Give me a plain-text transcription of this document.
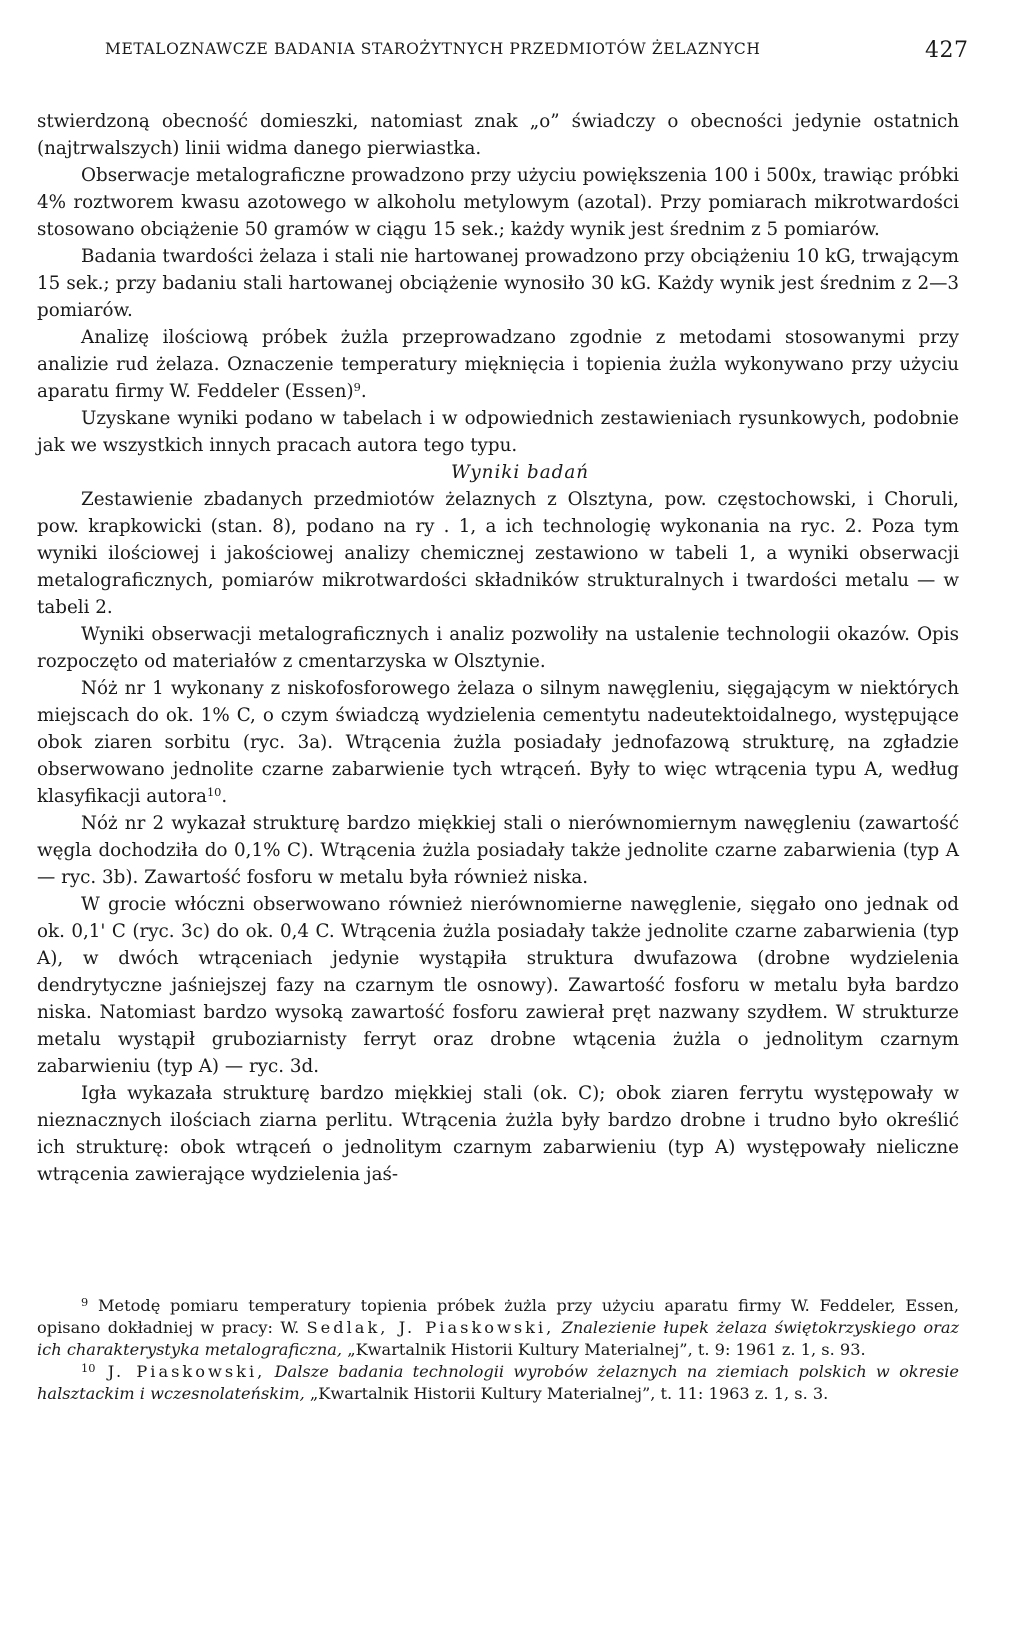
METALOZNAWCZE BADANIA STAROŻYTNYCH PRZEDMIOTÓW ŻELAZNYCH	427

stwierdzoną obecność domieszki, natomiast znak „o” świadczy o obecności jedynie ostatnich (najtrwalszych) linii widma danego pierwiastka.

Obserwacje metalograficzne prowadzono przy użyciu powiększenia 100 i 500x, trawiąc próbki 4% roztworem kwasu azotowego w alkoholu metylowym (azotal). Przy pomiarach mikrotwardości stosowano obciążenie 50 gramów w ciągu 15 sek.; każdy wynik jest średnim z 5 pomiarów.

Badania twardości żelaza i stali nie hartowanej prowadzono przy obciążeniu 10 kG, trwającym 15 sek.; przy badaniu stali hartowanej obciążenie wynosiło 30 kG. Każdy wynik jest średnim z 2—3 pomiarów.

Analizę ilościową próbek żużla przeprowadzano zgodnie z metodami stosowanymi przy analizie rud żelaza. Oznaczenie temperatury mięknięcia i topienia żużla wykonywano przy użyciu aparatu firmy W. Feddeler (Essen)$^9$.

Uzyskane wyniki podano w tabelach i w odpowiednich zestawieniach rysunkowych, podobnie jak we wszystkich innych pracach autora tego typu.

Wyniki badań

Zestawienie zbadanych przedmiotów żelaznych z Olsztyna, pow. częstochowski, i Choruli, pow. krapkowicki (stan. 8), podano na ry . 1, a ich technologię wykonania na ryc. 2. Poza tym wyniki ilościowej i jakościowej analizy chemicznej zestawiono w tabeli 1, a wyniki obserwacji metalograficznych, pomiarów mikrotwardości składników strukturalnych i twardości metalu — w tabeli 2.

Wyniki obserwacji metalograficznych i analiz pozwoliły na ustalenie technologii okazów. Opis rozpoczęto od materiałów z cmentarzyska w Olsztynie.

Nóż nr 1 wykonany z niskofosforowego żelaza o silnym nawęgleniu, sięgającym w niektórych miejscach do ok. 1% C, o czym świadczą wydzielenia cementytu nadeutektoidalnego, występujące obok ziaren sorbitu (ryc. 3a). Wtrącenia żużla posiadały jednofazową strukturę, na zgładzie obserwowano jednolite czarne zabarwienie tych wtrąceń. Były to więc wtrącenia typu A, według klasyfikacji autora$^{10}$.

Nóż nr 2 wykazał strukturę bardzo miękkiej stali o nierównomiernym nawęgleniu (zawartość węgla dochodziła do 0,1% C). Wtrącenia żużla posiadały także jednolite czarne zabarwienia (typ A — ryc. 3b). Zawartość fosforu w metalu była również niska.

W grocie włóczni obserwowano również nierównomierne nawęglenie, sięgało ono jednak od ok. 0,1' C (ryc. 3c) do ok. 0,4 C. Wtrącenia żużla posiadały także jednolite czarne zabarwienia (typ A), w dwóch wtrąceniach jedynie wystąpiła struktura dwufazowa (drobne wydzielenia dendrytyczne jaśniejszej fazy na czarnym tle osnowy). Zawartość fosforu w metalu była bardzo niska. Natomiast bardzo wysoką zawartość fosforu zawierał pręt nazwany szydłem. W strukturze metalu wystąpił gruboziarnisty ferryt oraz drobne wtącenia żużla o jednolitym czarnym zabarwieniu (typ A) — ryc. 3d.

Igła wykazała strukturę bardzo miękkiej stali (ok. C); obok ziaren ferrytu występowały w nieznacznych ilościach ziarna perlitu. Wtrącenia żużla były bardzo drobne i trudno było określić ich strukturę: obok wtrąceń o jednolitym czarnym zabarwieniu (typ A) występowały nieliczne wtrącenia zawierające wydzielenia jaś-

$^9$ Metodę pomiaru temperatury topienia próbek żużla przy użyciu aparatu firmy W. Feddeler, Essen, opisano dokładniej w pracy: W. Sedlak, J. Piaskowski, Znalezienie łupek żelaza świętokrzyskiego oraz ich charakterystyka metalograficzna, „Kwartalnik Historii Kultury Materialnej”, t. 9: 1961 z. 1, s. 93.

$^{10}$ J. Piaskowski, Dalsze badania technologii wyrobów żelaznych na ziemiach polskich w okresie halsztackim i wczesnolateńskim, „Kwartalnik Historii Kultury Materialnej”, t. 11: 1963 z. 1, s. 3.
